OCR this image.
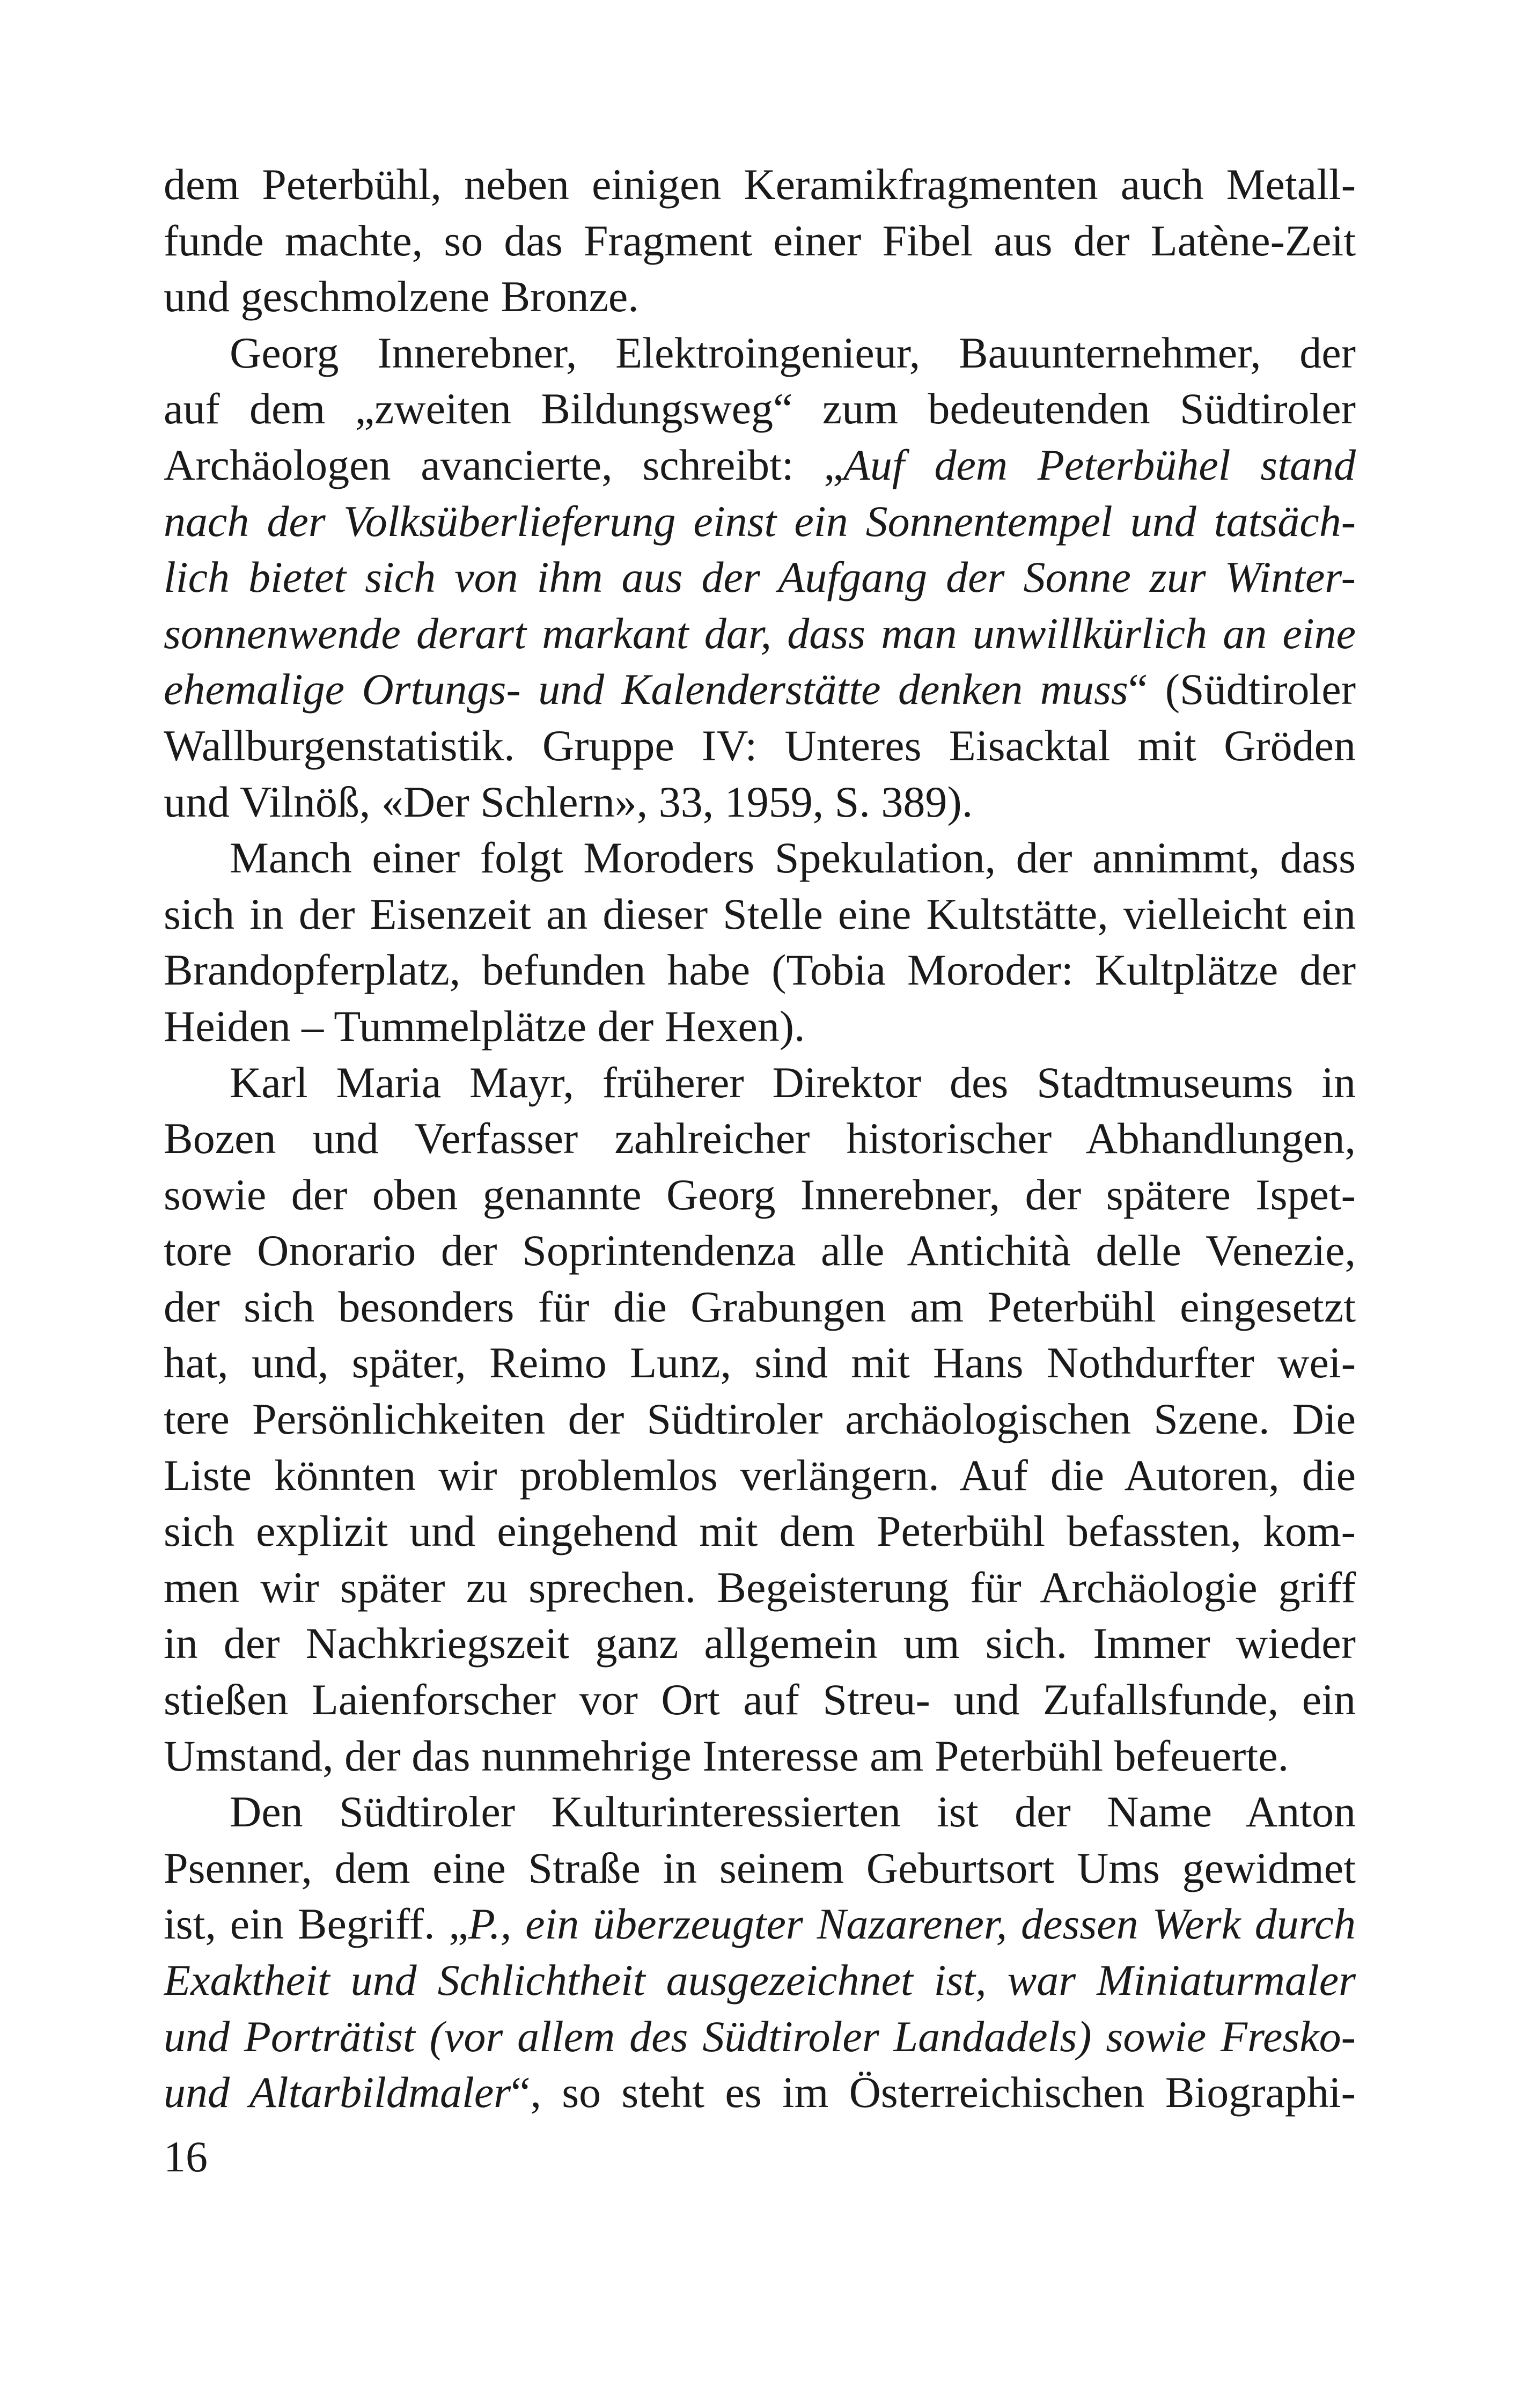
dem Peterbühl, neben einigen Keramikfragmenten auch Metall-
funde machte, so das Fragment einer Fibel aus der Latène-Zeit
und geschmolzene Bronze.
Georg Innerebner, Elektroingenieur, Bauunternehmer, der
auf dem „zweiten Bildungsweg“ zum bedeutenden Südtiroler
Archäologen avancierte, schreibt: „Auf dem Peterbühel stand
nach der Volksüberlieferung einst ein Sonnentempel und tatsäch-
lich bietet sich von ihm aus der Aufgang der Sonne zur Winter-
sonnenwende derart markant dar, dass man unwillkürlich an eine
ehemalige Ortungs- und Kalenderstätte denken muss“ (Südtiroler
Wallburgenstatistik. Gruppe IV: Unteres Eisacktal mit Gröden
und Vilnöß, «Der Schlern», 33, 1959, S. 389).
Manch einer folgt Moroders Spekulation, der annimmt, dass
sich in der Eisenzeit an dieser Stelle eine Kultstätte, vielleicht ein
Brandopferplatz, befunden habe (Tobia Moroder: Kultplätze der
Heiden – Tummelplätze der Hexen).
Karl Maria Mayr, früherer Direktor des Stadtmuseums in
Bozen und Verfasser zahlreicher historischer Abhandlungen,
sowie der oben genannte Georg Innerebner, der spätere Ispet-
tore Onorario der Soprintendenza alle Antichità delle Venezie,
der sich besonders für die Grabungen am Peterbühl eingesetzt
hat, und, später, Reimo Lunz, sind mit Hans Nothdurfter wei-
tere Persönlichkeiten der Südtiroler archäologischen Szene. Die
Liste könnten wir problemlos verlängern. Auf die Autoren, die
sich explizit und eingehend mit dem Peterbühl befassten, kom-
men wir später zu sprechen. Begeisterung für Archäologie griff
in der Nachkriegszeit ganz allgemein um sich. Immer wieder
stießen Laienforscher vor Ort auf Streu- und Zufallsfunde, ein
Umstand, der das nunmehrige Interesse am Peterbühl befeuerte.
Den Südtiroler Kulturinteressierten ist der Name Anton
Psenner, dem eine Straße in seinem Geburtsort Ums gewidmet
ist, ein Begriff. „P., ein überzeugter Nazarener, dessen Werk durch
Exaktheit und Schlichtheit ausgezeichnet ist, war Miniaturmaler
und Porträtist (vor allem des Südtiroler Landadels) sowie Fresko-
und Altarbildmaler“, so steht es im Österreichischen Biographi-
16
